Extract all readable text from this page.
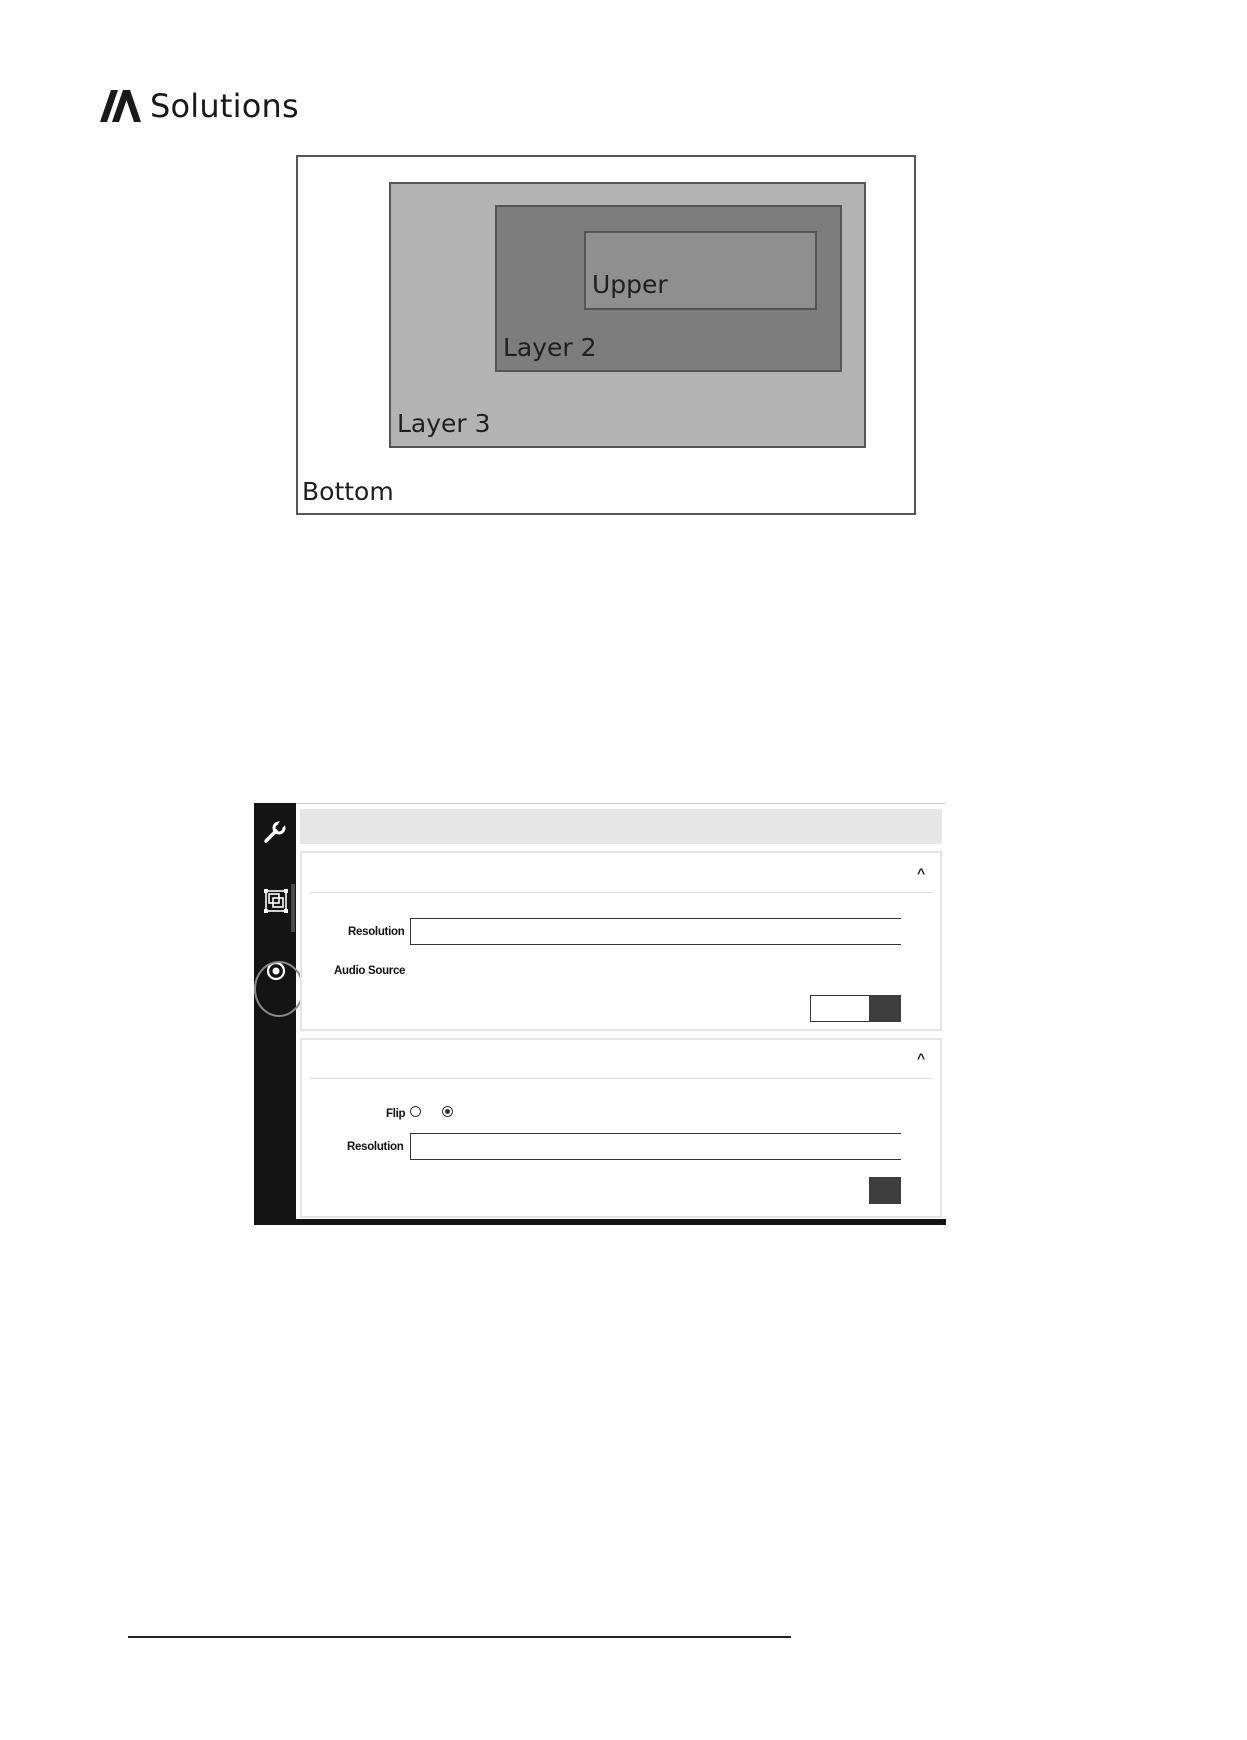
Solutions
Upper
Layer 2
Layer 3
Bottom
^
Resolution
Audio Source
^
Flip
Resolution
